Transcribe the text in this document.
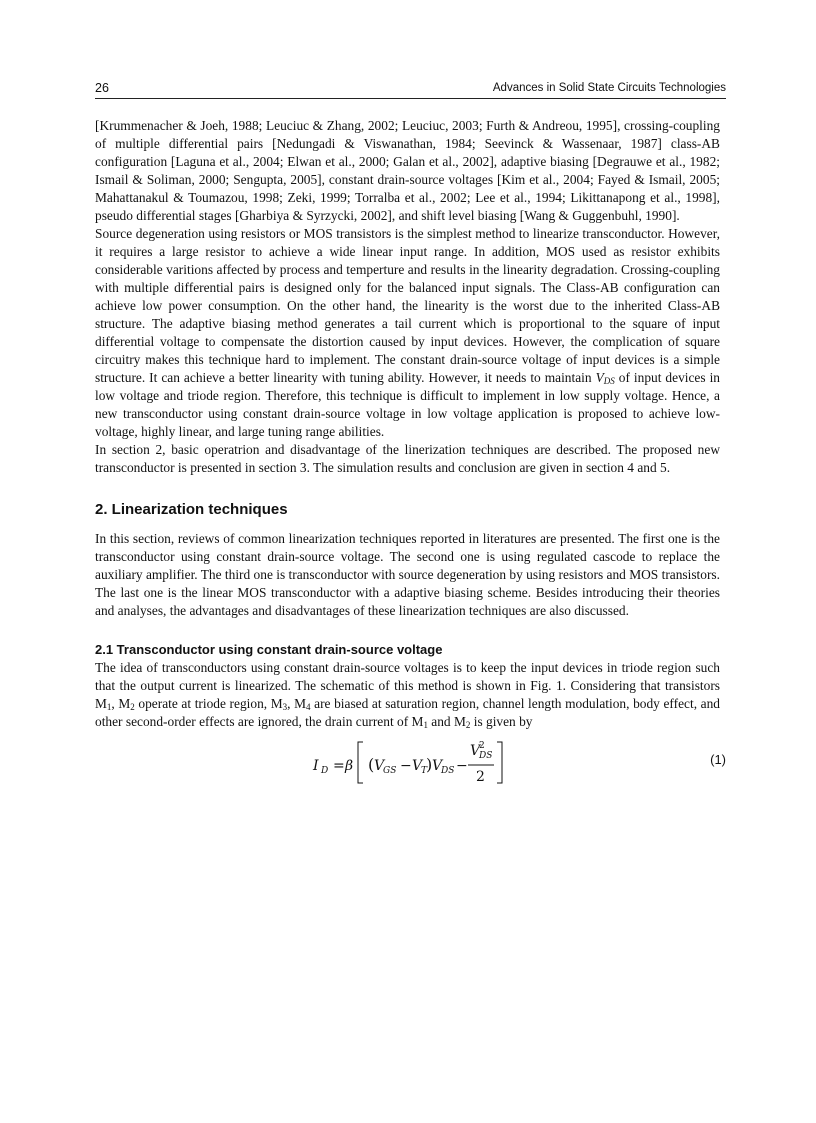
26	Advances in Solid State Circuits Technologies

[Krummenacher & Joeh, 1988; Leuciuc & Zhang, 2002; Leuciuc, 2003; Furth & Andreou, 1995], crossing-coupling of multiple differential pairs [Nedungadi & Viswanathan, 1984; Seevinck & Wassenaar, 1987] class-AB configuration [Laguna et al., 2004; Elwan et al., 2000; Galan et al., 2002], adaptive biasing [Degrauwe et al., 1982; Ismail & Soliman, 2000; Sengupta, 2005], constant drain-source voltages [Kim et al., 2004; Fayed & Ismail, 2005; Mahattanakul & Toumazou, 1998; Zeki, 1999; Torralba et al., 2002; Lee et al., 1994; Likittanapong et al., 1998], pseudo differential stages [Gharbiya & Syrzycki, 2002], and shift level biasing [Wang & Guggenbuhl, 1990].

Source degeneration using resistors or MOS transistors is the simplest method to linearize transconductor. However, it requires a large resistor to achieve a wide linear input range. In addition, MOS used as resistor exhibits considerable varitions affected by process and temperture and results in the linearity degradation. Crossing-coupling with multiple differential pairs is designed only for the balanced input signals. The Class-AB configuration can achieve low power consumption. On the other hand, the linearity is the worst due to the inherited Class-AB structure. The adaptive biasing method generates a tail current which is proportional to the square of input differential voltage to compensate the distortion caused by input devices. However, the complication of square circuitry makes this technique hard to implement. The constant drain-source voltage of input devices is a simple structure. It can achieve a better linearity with tuning ability. However, it needs to maintain $V_{DS}$ of input devices in low voltage and triode region. Therefore, this technique is difficult to implement in low supply voltage. Hence, a new transconductor using constant drain-source voltage in low voltage application is proposed to achieve low-voltage, highly linear, and large tuning range abilities.

In section 2, basic operatrion and disadvantage of the linerization techniques are described. The proposed new transconductor is presented in section 3. The simulation results and conclusion are given in section 4 and 5.

2. Linearization techniques

In this section, reviews of common linearization techniques reported in literatures are presented. The first one is the transconductor using constant drain-source voltage. The second one is using regulated cascode to replace the auxiliary amplifier. The third one is transconductor with source degeneration by using resistors and MOS transistors. The last one is the linear MOS transconductor with a adaptive biasing scheme. Besides introducing their theories and analyses, the advantages and disadvantages of these linearization techniques are also discussed.

2.1 Transconductor using constant drain-source voltage

The idea of transconductors using constant drain-source voltages is to keep the input devices in triode region such that the output current is linearized. The schematic of this method is shown in Fig. 1. Considering that transistors $M_1$, $M_2$ operate at triode region, $M_3$, $M_4$ are biased at saturation region, channel length modulation, body effect, and other second-order effects are ignored, the drain current of $M_1$ and $M_2$ is given by

I D = β ( V
GS − V
T
) V
DS −
V
2
DS
2
(1)
